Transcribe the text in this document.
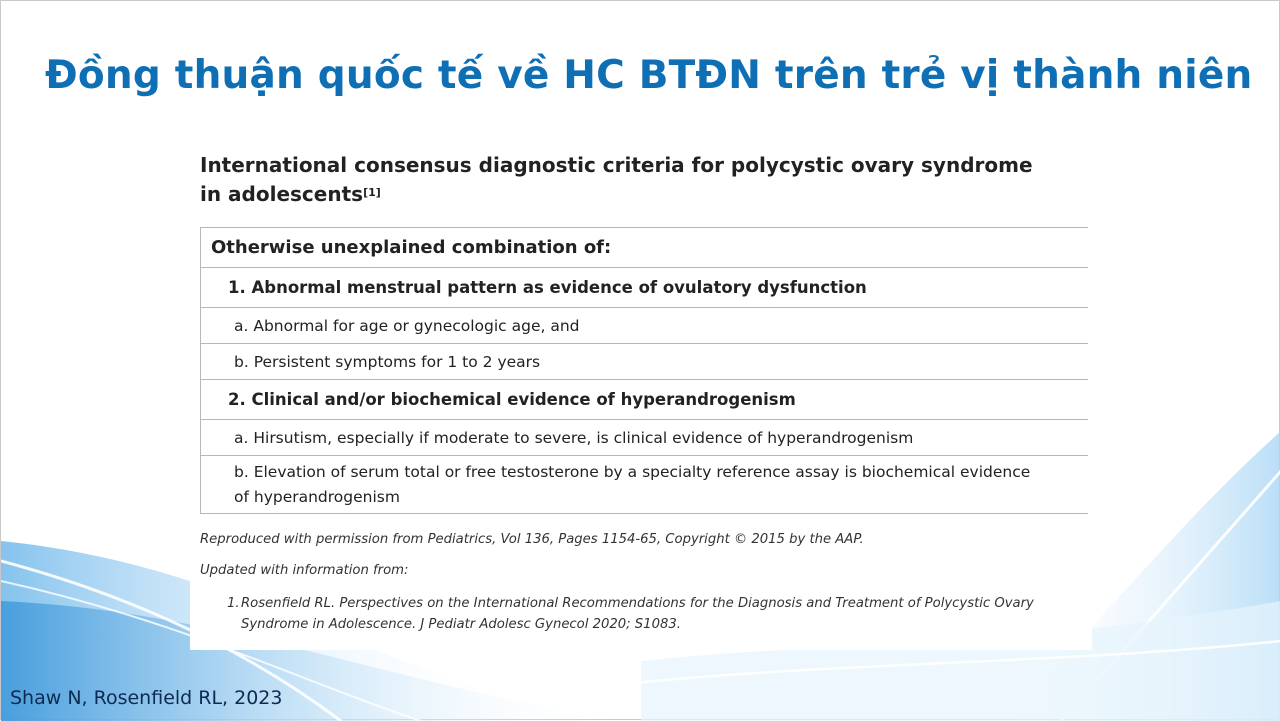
Đồng thuận quốc tế về HC BTĐN trên trẻ vị thành niên
International consensus diagnostic criteria for polycystic ovary syndrome in adolescents[1]
Otherwise unexplained combination of:
1. Abnormal menstrual pattern as evidence of ovulatory dysfunction
a. Abnormal for age or gynecologic age, and
b. Persistent symptoms for 1 to 2 years
2. Clinical and/or biochemical evidence of hyperandrogenism
a. Hirsutism, especially if moderate to severe, is clinical evidence of hyperandrogenism
b. Elevation of serum total or free testosterone by a specialty reference assay is biochemical evidence of hyperandrogenism
Reproduced with permission from Pediatrics, Vol 136, Pages 1154-65, Copyright © 2015 by the AAP.
Updated with information from:
1. Rosenfield RL. Perspectives on the International Recommendations for the Diagnosis and Treatment of Polycystic Ovary Syndrome in Adolescence. J Pediatr Adolesc Gynecol 2020; S1083.
Shaw N, Rosenfield RL, 2023
